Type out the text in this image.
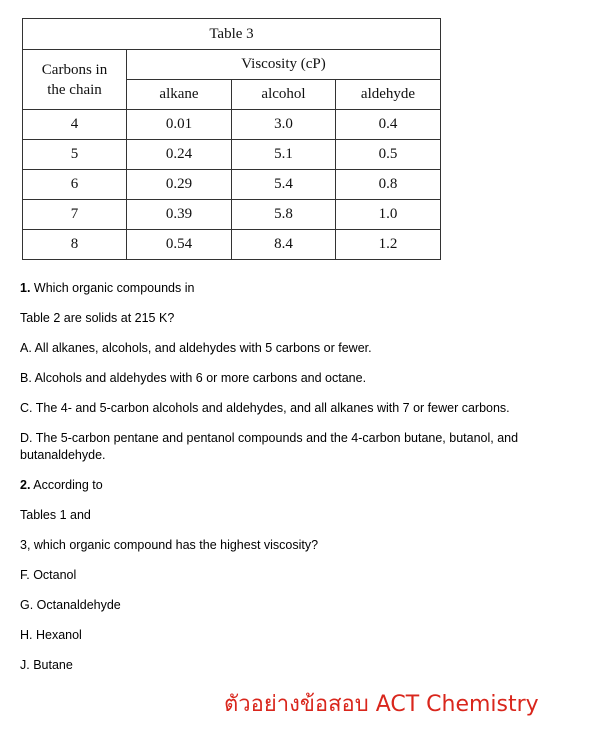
Table 3			
Carbons in
the chain	Viscosity (cP)		
	alkane	alcohol	aldehyde
4	0.01	3.0	0.4
5	0.24	5.1	0.5
6	0.29	5.4	0.8
7	0.39	5.8	1.0
8	0.54	8.4	1.2

1. Which organic compounds in

Table 2 are solids at 215 K?

A. All alkanes, alcohols, and aldehydes with 5 carbons or fewer.

B. Alcohols and aldehydes with 6 or more carbons and octane.

C. The 4- and 5-carbon alcohols and aldehydes, and all alkanes with 7 or fewer carbons.

D. The 5-carbon pentane and pentanol compounds and the 4-carbon butane, butanol, and butanaldehyde.

2. According to

Tables 1 and

3, which organic compound has the highest viscosity?

F. Octanol

G. Octanaldehyde

H. Hexanol

J. Butane

ตัวอย่างข้อสอบ ACT Chemistry
